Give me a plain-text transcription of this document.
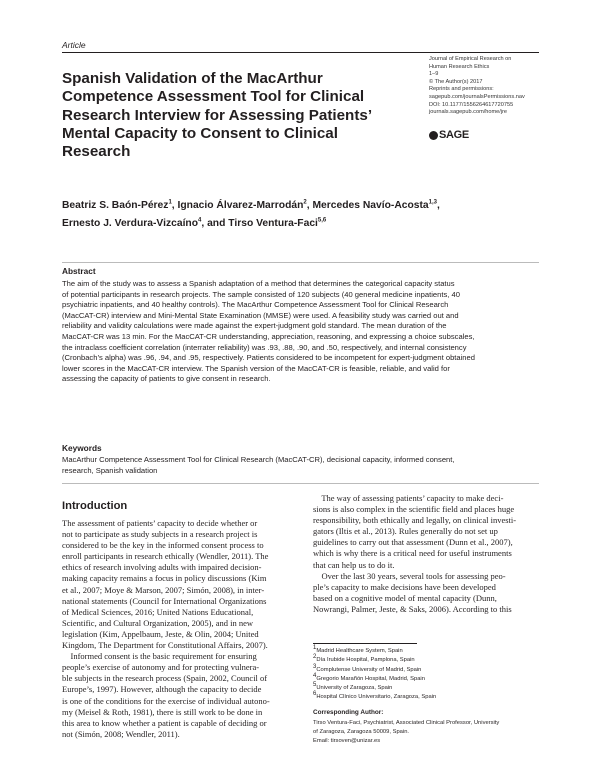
Article
Spanish Validation of the MacArthur
Competence Assessment Tool for Clinical
Research Interview for Assessing Patients’
Mental Capacity to Consent to Clinical
Research
Journal of Empirical Research on
Human Research Ethics
1–9
© The Author(s) 2017
Reprints and permissions:
sagepub.com/journalsPermissions.nav
DOI: 10.1177/1556264617720755
journals.sagepub.com/home/jre
SAGE
Beatriz S. Baón-Pérez$^1$, Ignacio Álvarez-Marrodán$^2$, Mercedes Navío-Acosta$^{1,3}$,
Ernesto J. Verdura-Vizcaíno$^4$, and Tirso Ventura-Faci$^{5,6}$
Abstract
The aim of the study was to assess a Spanish adaptation of a method that determines the categorical capacity status
of potential participants in research projects. The sample consisted of 120 subjects (40 general medicine inpatients, 40
psychiatric inpatients, and 40 healthy controls). The MacArthur Competence Assessment Tool for Clinical Research
(MacCAT-CR) interview and Mini-Mental State Examination (MMSE) were used. A feasibility study was carried out and
reliability and validity calculations were made against the expert-judgment gold standard. The mean duration of the
MacCAT-CR was 13 min. For the MacCAT-CR understanding, appreciation, reasoning, and expressing a choice subscales,
the intraclass coefficient correlation (interrater reliability) was .93, .88, .90, and .50, respectively, and internal consistency
(Cronbach’s alpha) was .96, .94, and .95, respectively. Patients considered to be incompetent for expert-judgment obtained
lower scores in the MacCAT-CR interview. The Spanish version of the MacCAT-CR is feasible, reliable, and valid for
assessing the capacity of patients to give consent in research.
Keywords
MacArthur Competence Assessment Tool for Clinical Research (MacCAT-CR), decisional capacity, informed consent,
research, Spanish validation
Introduction
The assessment of patients’ capacity to decide whether or
not to participate as study subjects in a research project is
considered to be the key in the informed consent process to
enroll participants in research ethically (Wendler, 2011). The
ethics of research involving adults with impaired decision-
making capacity remains a focus in policy discussions (Kim
et al., 2007; Moye & Marson, 2007; Simón, 2008), in inter-
national statements (Council for International Organizations
of Medical Sciences, 2016; United Nations Educational,
Scientific, and Cultural Organization, 2005), and in new
legislation (Kim, Appelbaum, Jeste, & Olin, 2004; United
Kingdom, The Department for Constitutional Affairs, 2007).
Informed consent is the basic requirement for ensuring
people’s exercise of autonomy and for protecting vulnera-
ble subjects in the research process (Spain, 2002, Council of
Europe’s, 1997). However, although the capacity to decide
is one of the conditions for the exercise of individual autono-
my (Meisel & Roth, 1981), there is still work to be done in
this area to know whether a patient is capable of deciding or
not (Simón, 2008; Wendler, 2011).
The way of assessing patients’ capacity to make deci-
sions is also complex in the scientific field and places huge
responsibility, both ethically and legally, on clinical investi-
gators (Iltis et al., 2013). Rules generally do not set up
guidelines to carry out that assessment (Dunn et al., 2007),
which is why there is a critical need for useful instruments
that can help us to do it.
Over the last 30 years, several tools for assessing peo-
ple’s capacity to make decisions have been developed
based on a cognitive model of mental capacity (Dunn,
Nowrangi, Palmer, Jeste, & Saks, 2006). According to this
$^1$Madrid Healthcare System, Spain
$^2$Día Irubide Hospital, Pamplona, Spain
$^3$Complutense University of Madrid, Spain
$^4$Gregorio Marañón Hospital, Madrid, Spain
$^5$University of Zaragoza, Spain
$^6$Hospital Clínico Universitario, Zaragoza, Spain
Corresponding Author:
Tirso Ventura-Faci, Psychiatrist, Associated Clinical Professor, University
of Zaragoza, Zaragoza 50009, Spain.
Email: tirsoven@unizar.es
